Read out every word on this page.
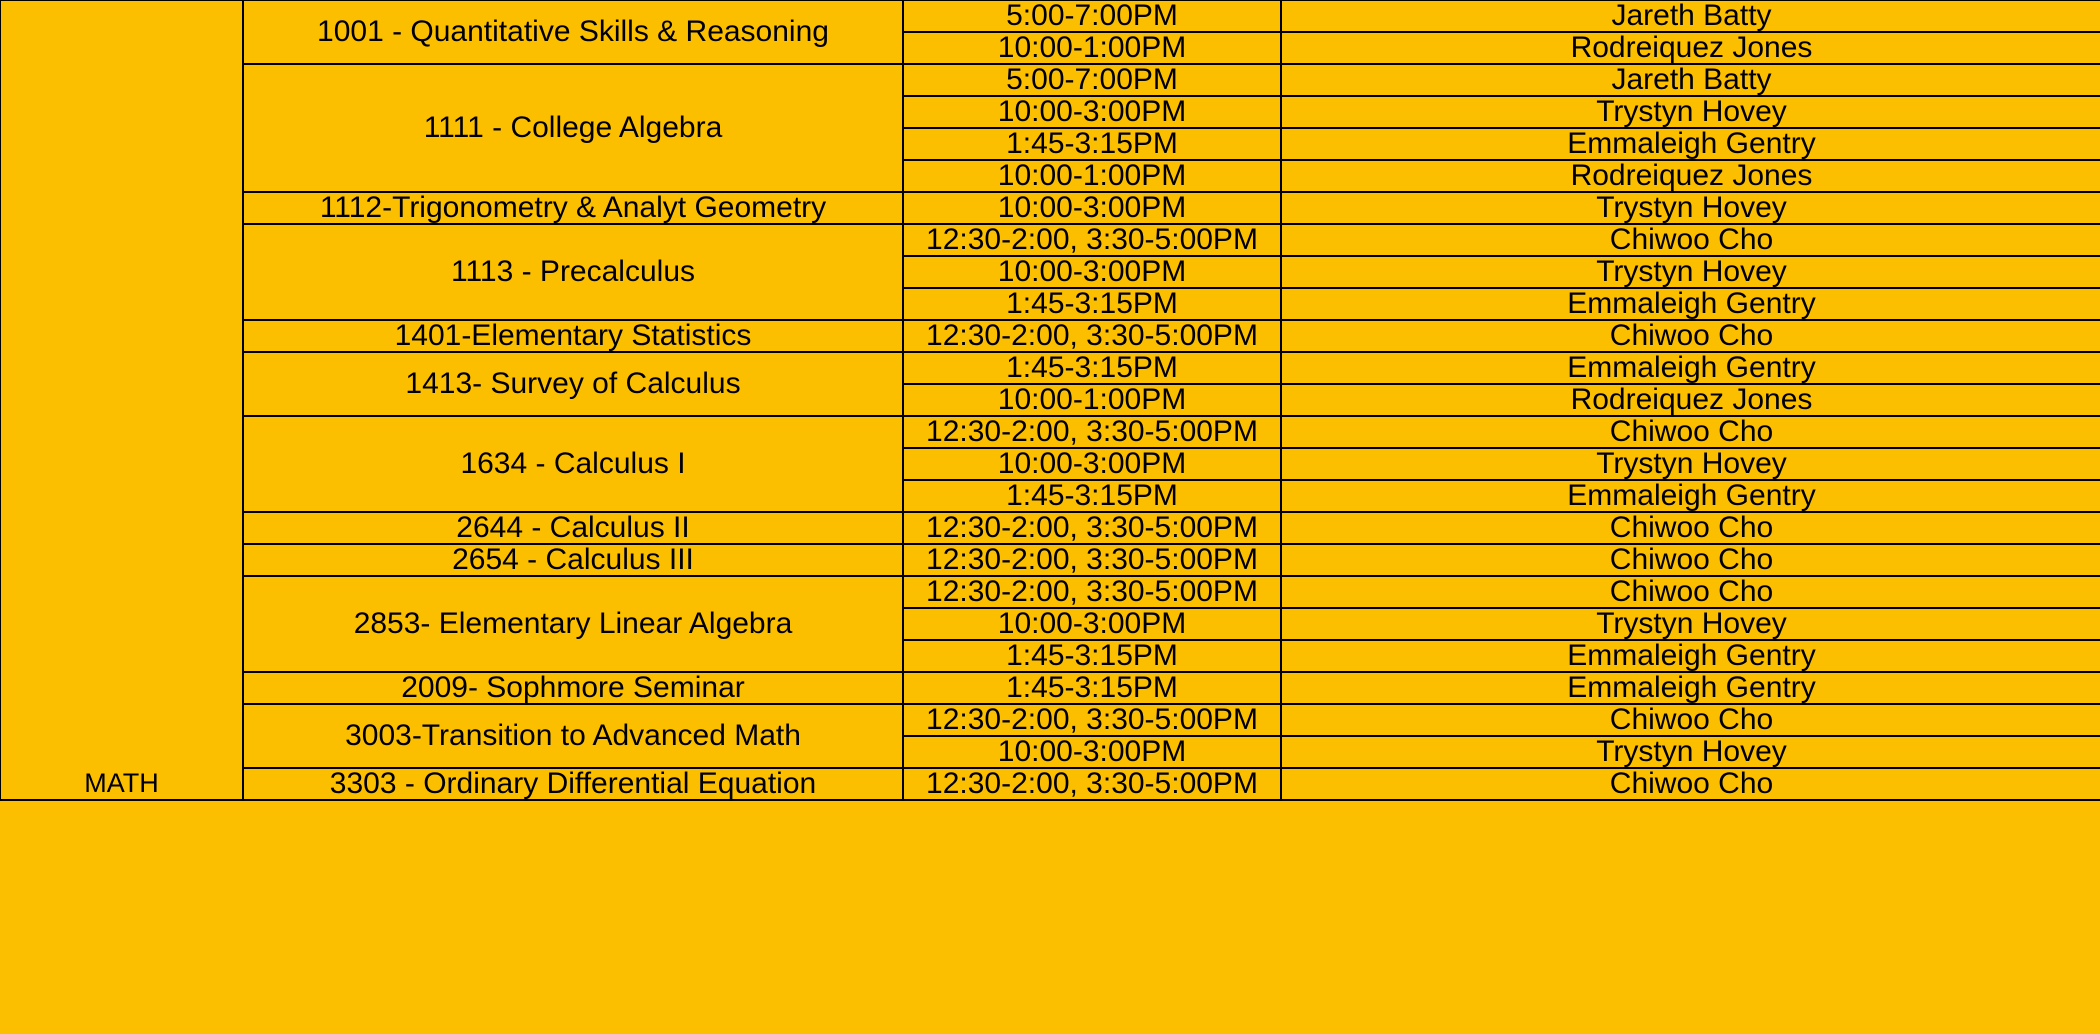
MATH	1001 - Quantitative Skills & Reasoning	5:00-7:00PM	Jareth Batty
		10:00-1:00PM	Rodreiquez Jones
	1111 - College Algebra	5:00-7:00PM	Jareth Batty
		10:00-3:00PM	Trystyn Hovey
		1:45-3:15PM	Emmaleigh Gentry
		10:00-1:00PM	Rodreiquez Jones
	1112-Trigonometry & Analyt Geometry	10:00-3:00PM	Trystyn Hovey
	1113 - Precalculus	12:30-2:00, 3:30-5:00PM	Chiwoo Cho
		10:00-3:00PM	Trystyn Hovey
		1:45-3:15PM	Emmaleigh Gentry
	1401-Elementary Statistics	12:30-2:00, 3:30-5:00PM	Chiwoo Cho
	1413- Survey of Calculus	1:45-3:15PM	Emmaleigh Gentry
		10:00-1:00PM	Rodreiquez Jones
	1634 - Calculus I	12:30-2:00, 3:30-5:00PM	Chiwoo Cho
		10:00-3:00PM	Trystyn Hovey
		1:45-3:15PM	Emmaleigh Gentry
	2644 - Calculus II	12:30-2:00, 3:30-5:00PM	Chiwoo Cho
	2654 - Calculus III	12:30-2:00, 3:30-5:00PM	Chiwoo Cho
	2853- Elementary Linear Algebra	12:30-2:00, 3:30-5:00PM	Chiwoo Cho
		10:00-3:00PM	Trystyn Hovey
		1:45-3:15PM	Emmaleigh Gentry
	2009- Sophmore Seminar	1:45-3:15PM	Emmaleigh Gentry
	3003-Transition to Advanced Math	12:30-2:00, 3:30-5:00PM	Chiwoo Cho
		10:00-3:00PM	Trystyn Hovey
	3303 - Ordinary Differential Equation	12:30-2:00, 3:30-5:00PM	Chiwoo Cho
